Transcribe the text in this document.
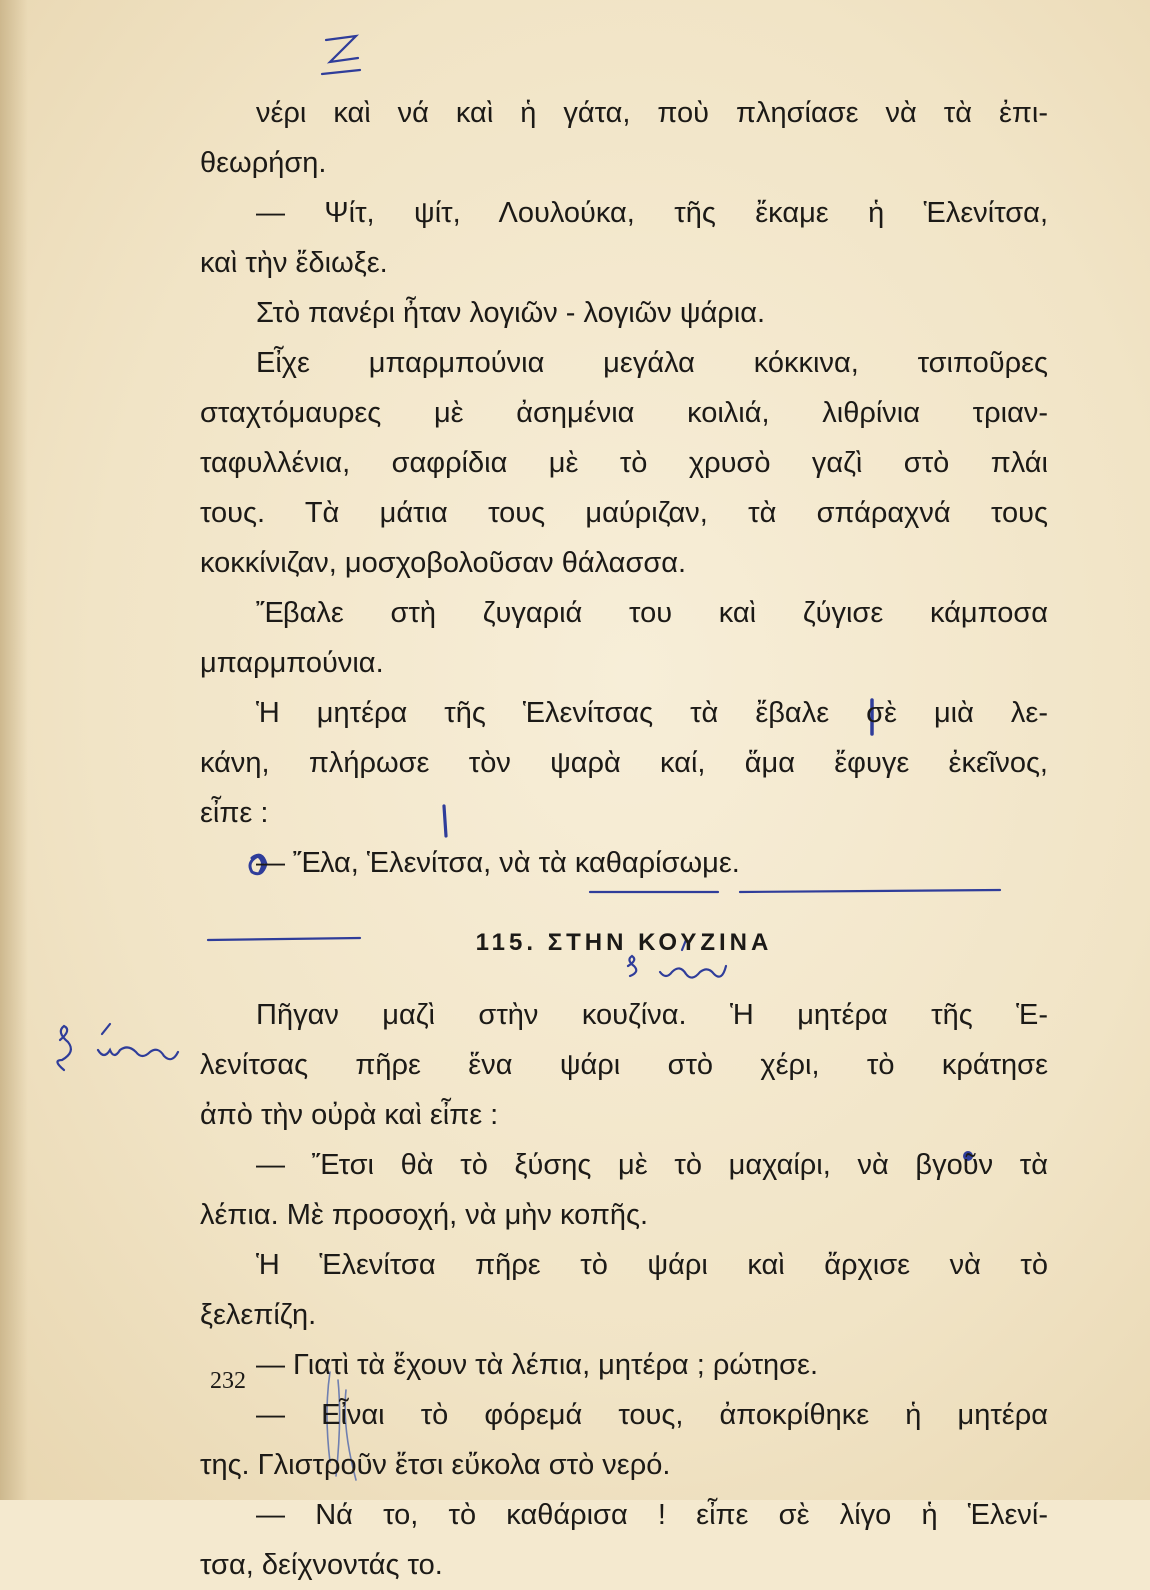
νέρι καὶ νά καὶ ἡ γάτα, ποὺ πλησίασε νὰ τὰ ἐπι-
θεωρήση.
— Ψίτ, ψίτ, Λουλούκα, τῆς ἔκαμε ἡ Ἑλενίτσα,
καὶ τὴν ἔδιωξε.
Στὸ πανέρι ἦταν λογιῶν - λογιῶν ψάρια.
Εἶχε μπαρμπούνια μεγάλα κόκκινα, τσιποῦρες
σταχτόμαυρες μὲ ἀσημένια κοιλιά, λιθρίνια τριαν-
ταφυλλένια, σαφρίδια μὲ τὸ χρυσὸ γαζὶ στὸ πλάι
τους. Τὰ μάτια τους μαύριζαν, τὰ σπάραχνά τους
κοκκίνιζαν, μοσχοβολοῦσαν θάλασσα.
Ἔβαλε στὴ ζυγαριά του καὶ ζύγισε κάμποσα
μπαρμπούνια.
Ἡ μητέρα τῆς Ἑλενίτσας τὰ ἔβαλε σὲ μιὰ λε-
κάνη, πλήρωσε τὸν ψαρὰ καί, ἅμα ἔφυγε ἐκεῖνος,
εἶπε :
— Ἔλα, Ἑλενίτσα, νὰ τὰ καθαρίσωμε.
115. ΣΤΗΝ ΚΟΥΖΙΝΑ
Πῆγαν μαζὶ στὴν κουζίνα. Ἡ μητέρα τῆς Ἑ-
λενίτσας πῆρε ἕνα ψάρι στὸ χέρι, τὸ κράτησε
ἀπὸ τὴν οὐρὰ καὶ εἶπε :
— Ἔτσι θὰ τὸ ξύσης μὲ τὸ μαχαίρι, νὰ βγοῦν τὰ
λέπια. Μὲ προσοχή, νὰ μὴν κοπῆς.
Ἡ Ἑλενίτσα πῆρε τὸ ψάρι καὶ ἄρχισε νὰ τὸ
ξελεπίζη.
— Γιατὶ τὰ ἔχουν τὰ λέπια, μητέρα ; ρώτησε.
— Εἶναι τὸ φόρεμά τους, ἀποκρίθηκε ἡ μητέρα
της. Γλιστροῦν ἔτσι εὔκολα στὸ νερό.
— Νά το, τὸ καθάρισα ! εἶπε σὲ λίγο ἡ Ἑλενί-
τσα, δείχνοντάς το.
232
